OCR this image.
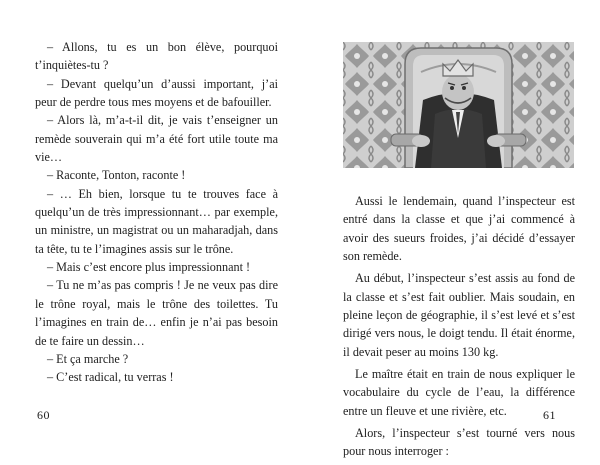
– Allons, tu es un bon élève, pourquoi t’inquiètes-tu ?

– Devant quelqu’un d’aussi important, j’ai peur de perdre tous mes moyens et de bafouiller.

– Alors là, m’a-t-il dit, je vais t’enseigner un remède souverain qui m’a été fort utile toute ma vie…

– Raconte, Tonton, raconte !

– … Eh bien, lorsque tu te trouves face à quelqu’un de très impressionnant… par exemple, un ministre, un magistrat ou un maharadjah, dans ta tête, tu te l’imagines assis sur le trône.

– Mais c’est encore plus impressionnant !

– Tu ne m’as pas compris ! Je ne veux pas dire le trône royal, mais le trône des toilettes. Tu l’imagines en train de… enfin je n’ai pas besoin de te faire un dessin…

– Et ça marche ?

– C’est radical, tu verras !

60

Aussi le lendemain, quand l’inspecteur est entré dans la classe et que j’ai commencé à avoir des sueurs froides, j’ai décidé d’essayer son remède.

Au début, l’inspecteur s’est assis au fond de la classe et s’est fait oublier. Mais soudain, en pleine leçon de géographie, il s’est levé et s’est dirigé vers nous, le doigt tendu. Il était énorme, il devait peser au moins 130 kg.

Le maître était en train de nous expliquer le vocabulaire du cycle de l’eau, la différence entre un fleuve et une rivière, etc.

Alors, l’inspecteur s’est tourné vers nous pour nous interroger :

61
